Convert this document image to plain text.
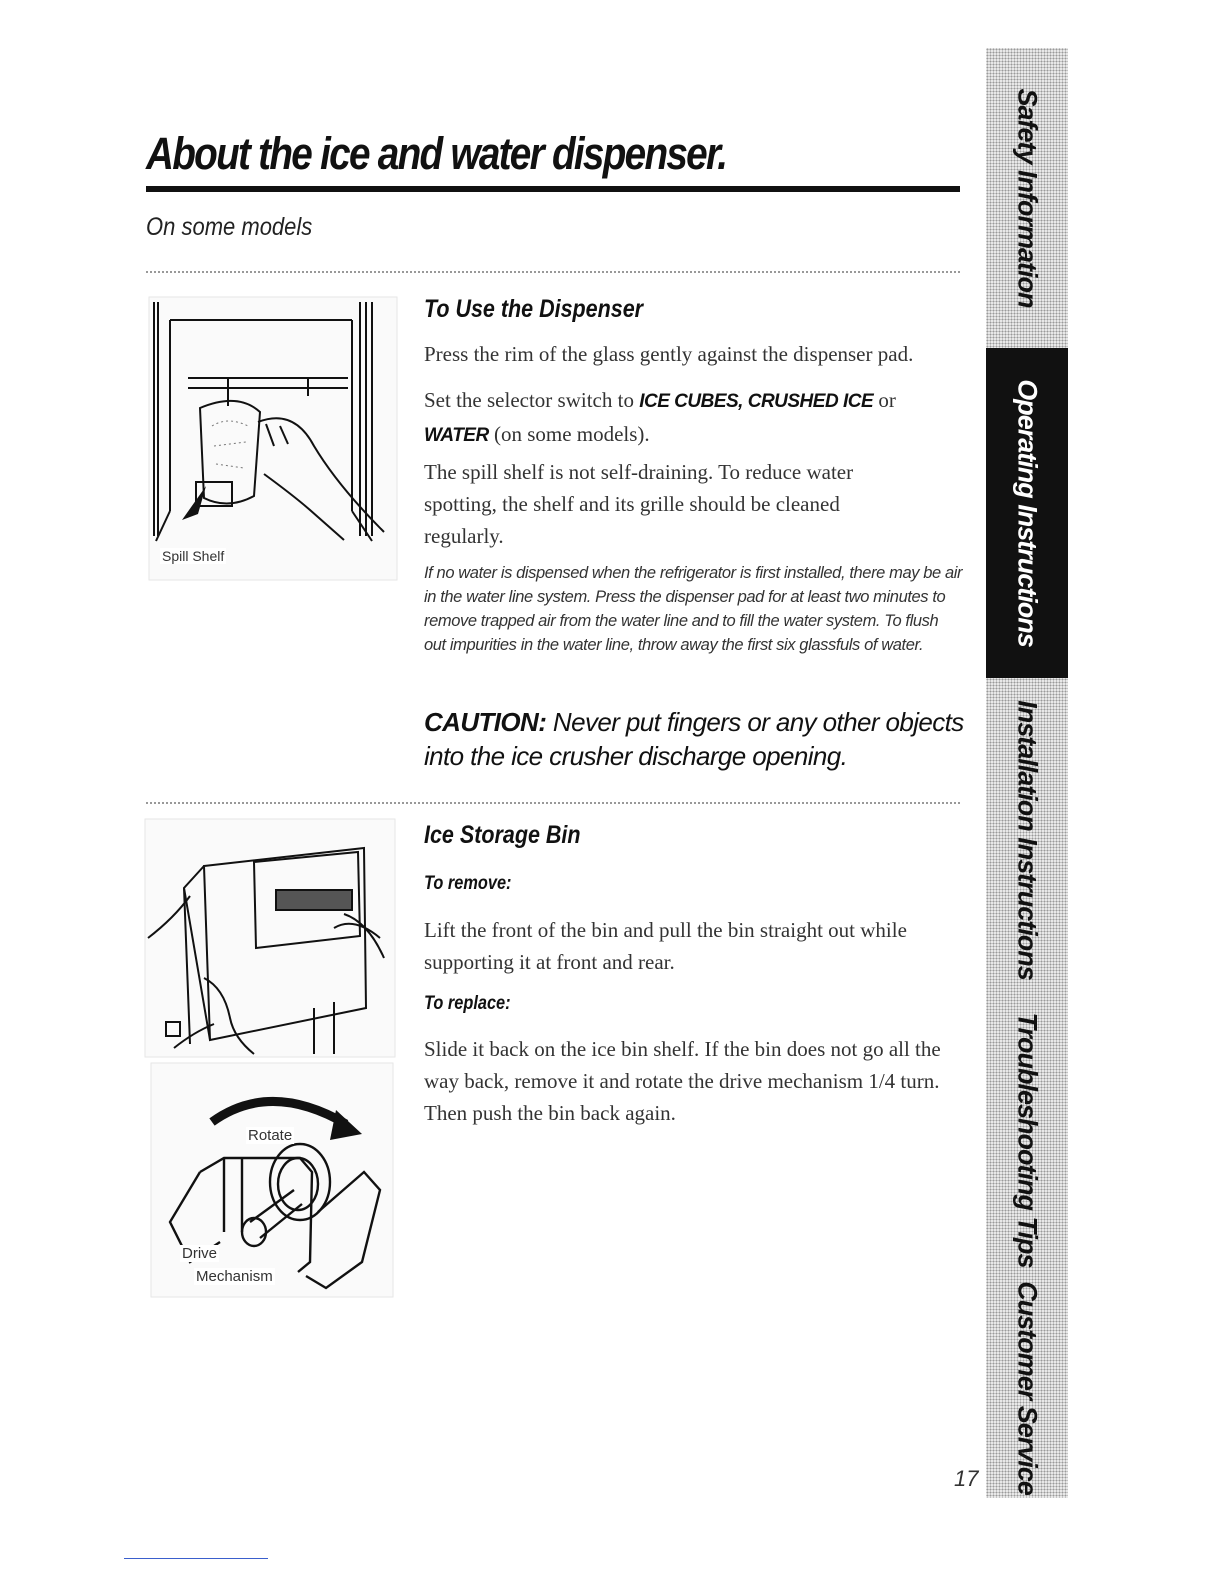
About the ice and water dispenser.
On some models
Spill Shelf
To Use the Dispenser

Press the rim of the glass gently against the dispenser pad.

Set the selector switch to ICE CUBES, CRUSHED ICE or WATER (on some models).

The spill shelf is not self-draining. To reduce water spotting, the shelf and its grille should be cleaned regularly.

If no water is dispensed when the refrigerator is first installed, there may be air in the water line system. Press the dispenser pad for at least two minutes to remove trapped air from the water line and to fill the water system. To flush out impurities in the water line, throw away the first six glassfuls of water.

CAUTION: Never put fingers or any other objects into the ice crusher discharge opening.

Rotate
Drive
Mechanism
Ice Storage Bin
To remove:

Lift the front of the bin and pull the bin straight out while supporting it at front and rear.

To replace:

Slide it back on the ice bin shelf. If the bin does not go all the way back, remove it and rotate the drive mechanism 1/4 turn. Then push the bin back again.

Safety Information
Operating Instructions
Installation Instructions
Troubleshooting Tips
Customer Service
17
